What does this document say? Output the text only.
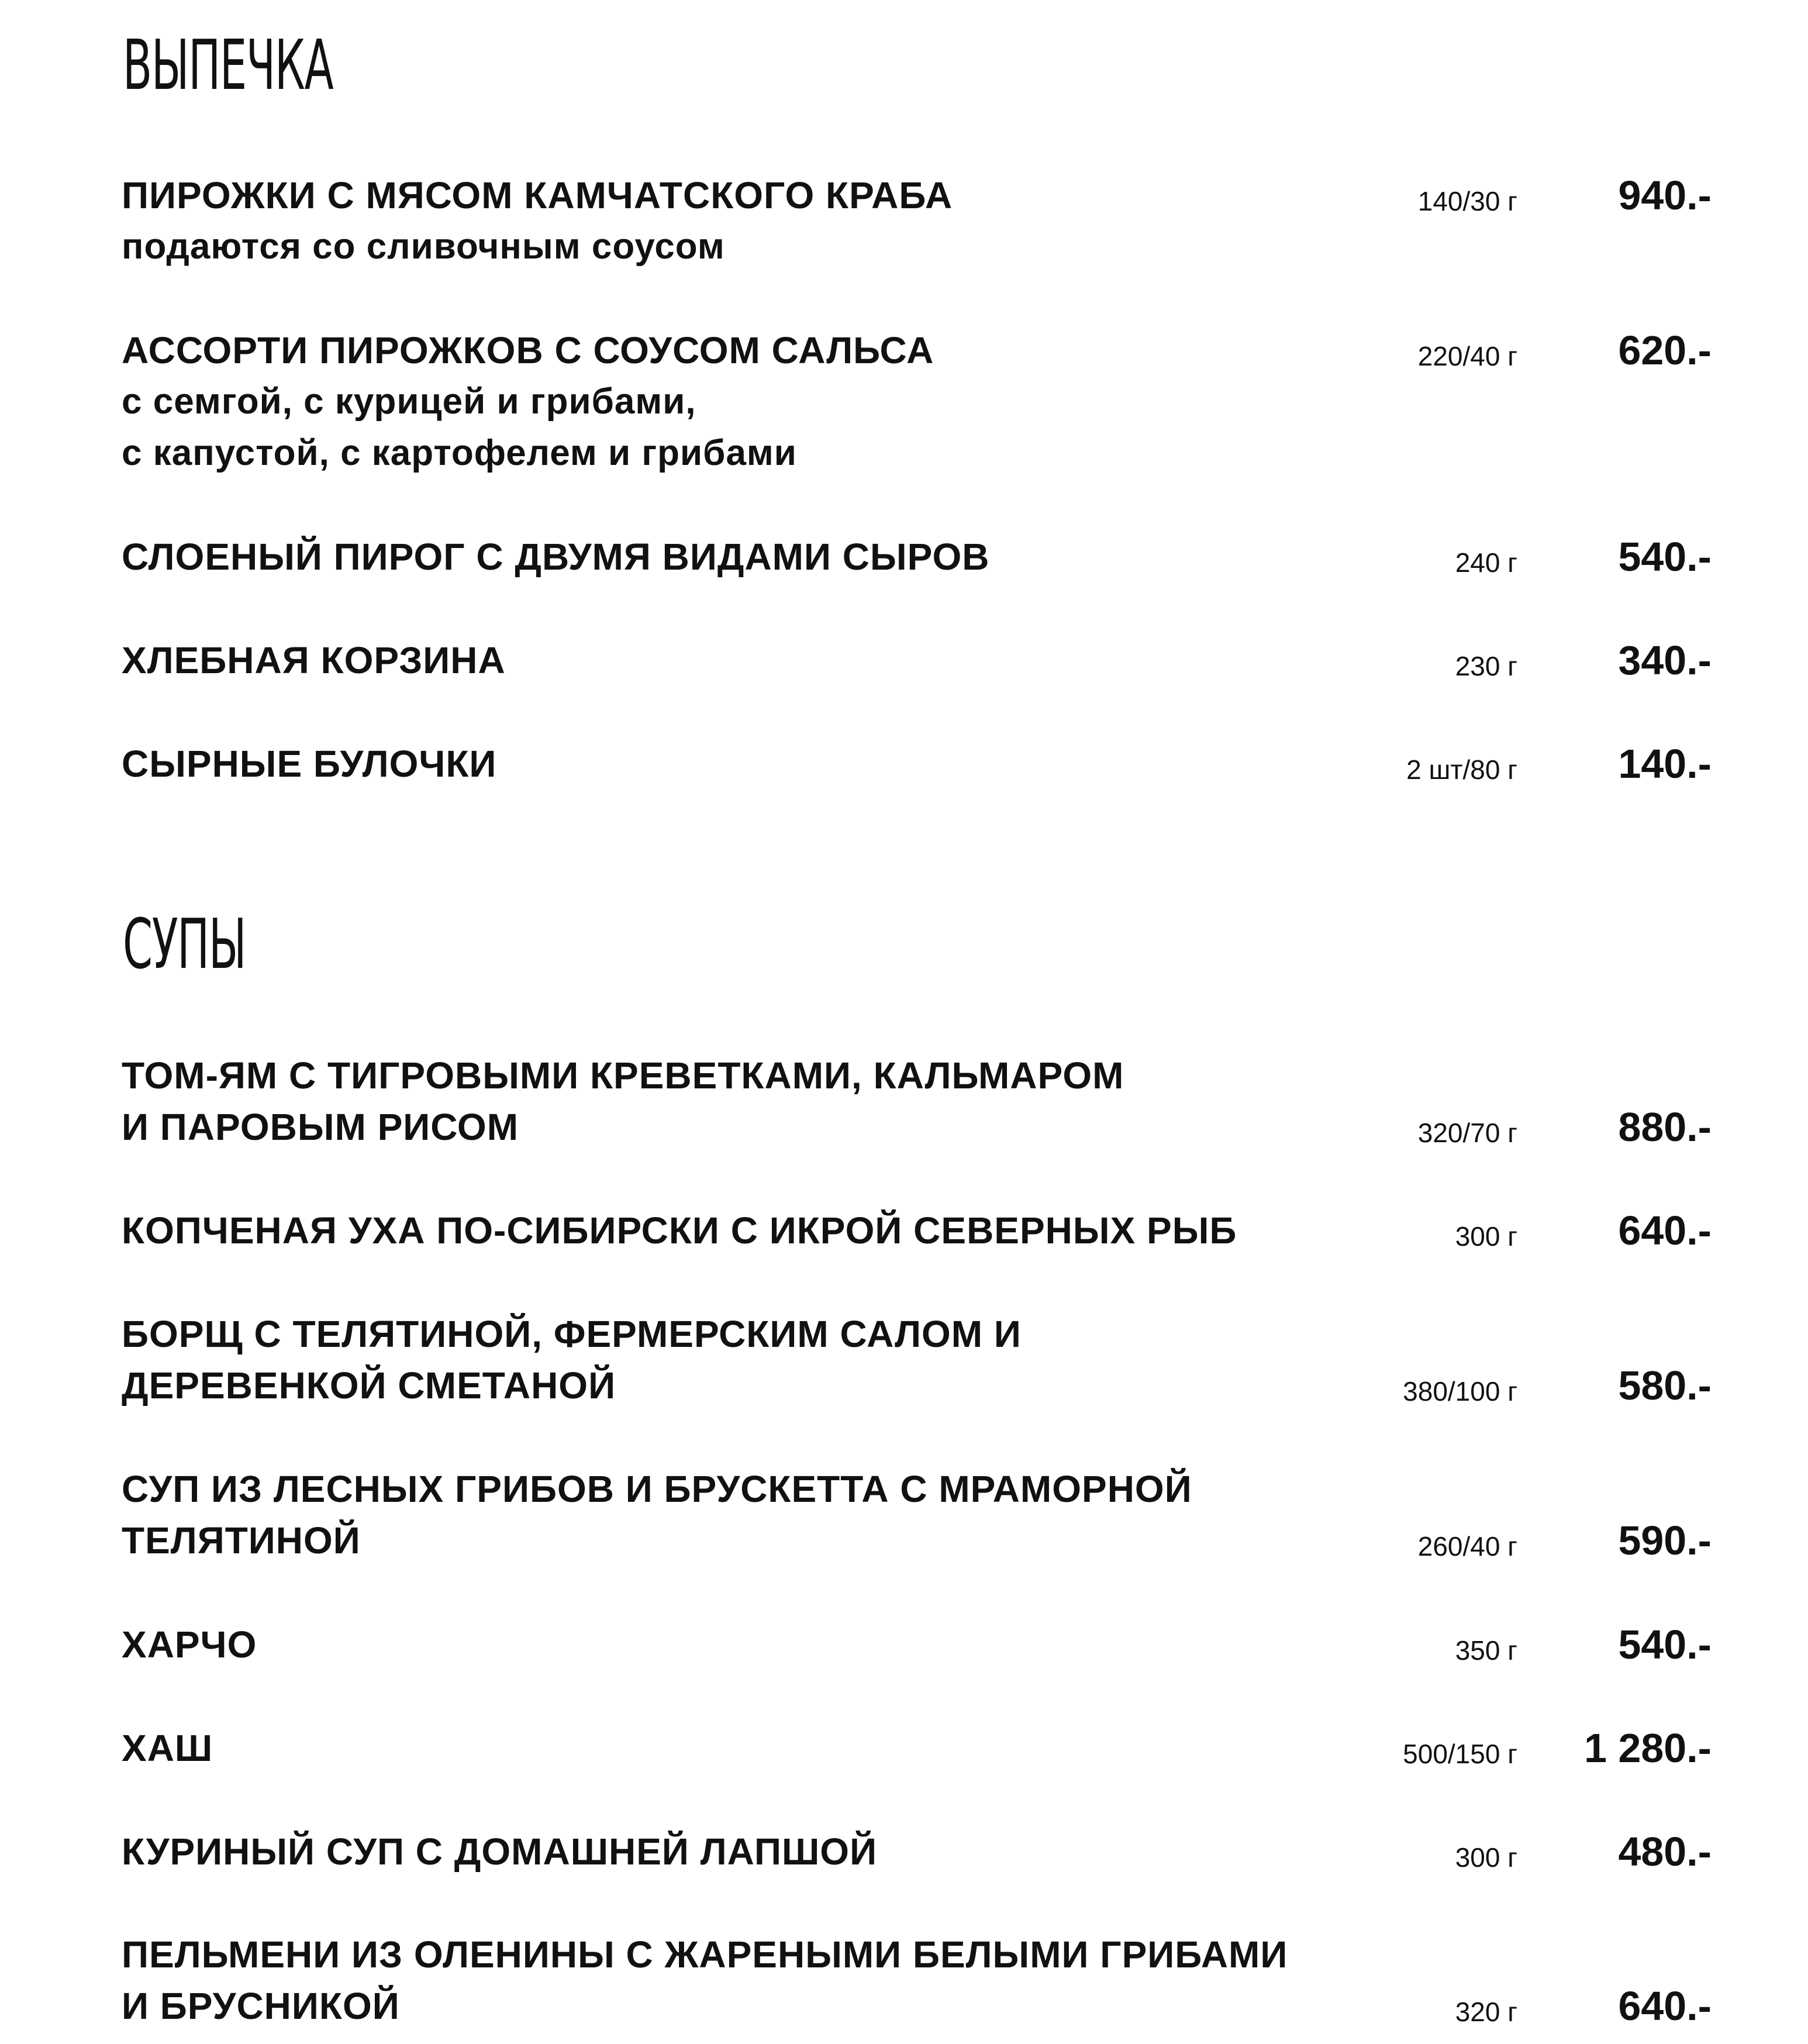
ВЫПЕЧКА
ПИРОЖКИ С МЯСОМ КАМЧАТСКОГО КРАБА
подаются со сливочным соусом
140/30 г 940.-
АССОРТИ ПИРОЖКОВ С СОУСОМ САЛЬСА
с семгой, с курицей и грибами,
с капустой, с картофелем и грибами
220/40 г 620.-
СЛОЕНЫЙ ПИРОГ С ДВУМЯ ВИДАМИ СЫРОВ	240 г 540.-
ХЛЕБНАЯ КОРЗИНА	230 г 340.-
СЫРНЫЕ БУЛОЧКИ	2 шт/80 г 140.-
СУПЫ
ТОМ-ЯМ С ТИГРОВЫМИ КРЕВЕТКАМИ, КАЛЬМАРОМ
И ПАРОВЫМ РИСОМ	320/70 г 880.-
КОПЧЕНАЯ УХА ПО-СИБИРСКИ С ИКРОЙ СЕВЕРНЫХ РЫБ	300 г 640.-
БОРЩ С ТЕЛЯТИНОЙ, ФЕРМЕРСКИМ САЛОМ И
ДЕРЕВЕНКОЙ СМЕТАНОЙ	380/100 г 580.-
СУП ИЗ ЛЕСНЫХ ГРИБОВ И БРУСКЕТТА С МРАМОРНОЙ
ТЕЛЯТИНОЙ	260/40 г 590.-
ХАРЧО	350 г 540.-
ХАШ	500/150 г 1 280.-
КУРИНЫЙ СУП С ДОМАШНЕЙ ЛАПШОЙ	300 г 480.-
ПЕЛЬМЕНИ ИЗ ОЛЕНИНЫ С ЖАРЕНЫМИ БЕЛЫМИ ГРИБАМИ
И БРУСНИКОЙ	320 г 640.-
